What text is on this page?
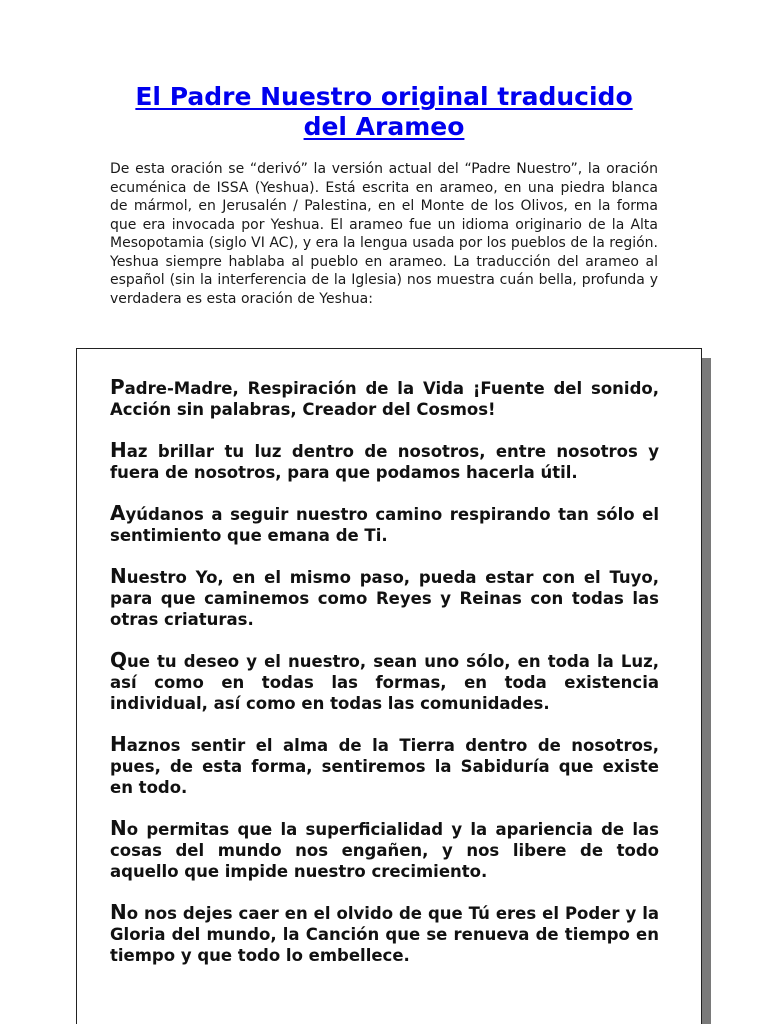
El Padre Nuestro original traducido
del Arameo

De esta oración se “derivó” la versión actual del “Padre Nuestro”, la oración ecuménica de ISSA (Yeshua). Está escrita en arameo, en una piedra blanca de mármol, en Jerusalén / Palestina, en el Monte de los Olivos, en la forma que era invocada por Yeshua. El arameo fue un idioma originario de la Alta Mesopotamia (siglo VI AC), y era la lengua usada por los pueblos de la región. Yeshua siempre hablaba al pueblo en arameo. La traducción del arameo al español (sin la interferencia de la Iglesia) nos muestra cuán bella, profunda y verdadera es esta oración de Yeshua:

Padre-Madre, Respiración de la Vida ¡Fuente del sonido, Acción sin palabras, Creador del Cosmos!

Haz brillar tu luz dentro de nosotros, entre nosotros y fuera de nosotros, para que podamos hacerla útil.

Ayúdanos a seguir nuestro camino respirando tan sólo el sentimiento que emana de Ti.

Nuestro Yo, en el mismo paso, pueda estar con el Tuyo, para que caminemos como Reyes y Reinas con todas las otras criaturas.

Que tu deseo y el nuestro, sean uno sólo, en toda la Luz, así como en todas las formas, en toda existencia individual, así como en todas las comunidades.

Haznos sentir el alma de la Tierra dentro de nosotros, pues, de esta forma, sentiremos la Sabiduría que existe en todo.

No permitas que la superficialidad y la apariencia de las cosas del mundo nos engañen, y nos libere de todo aquello que impide nuestro crecimiento.

No nos dejes caer en el olvido de que Tú eres el Poder y la Gloria del mundo, la Canción que se renueva de tiempo en tiempo y que todo lo embellece.
